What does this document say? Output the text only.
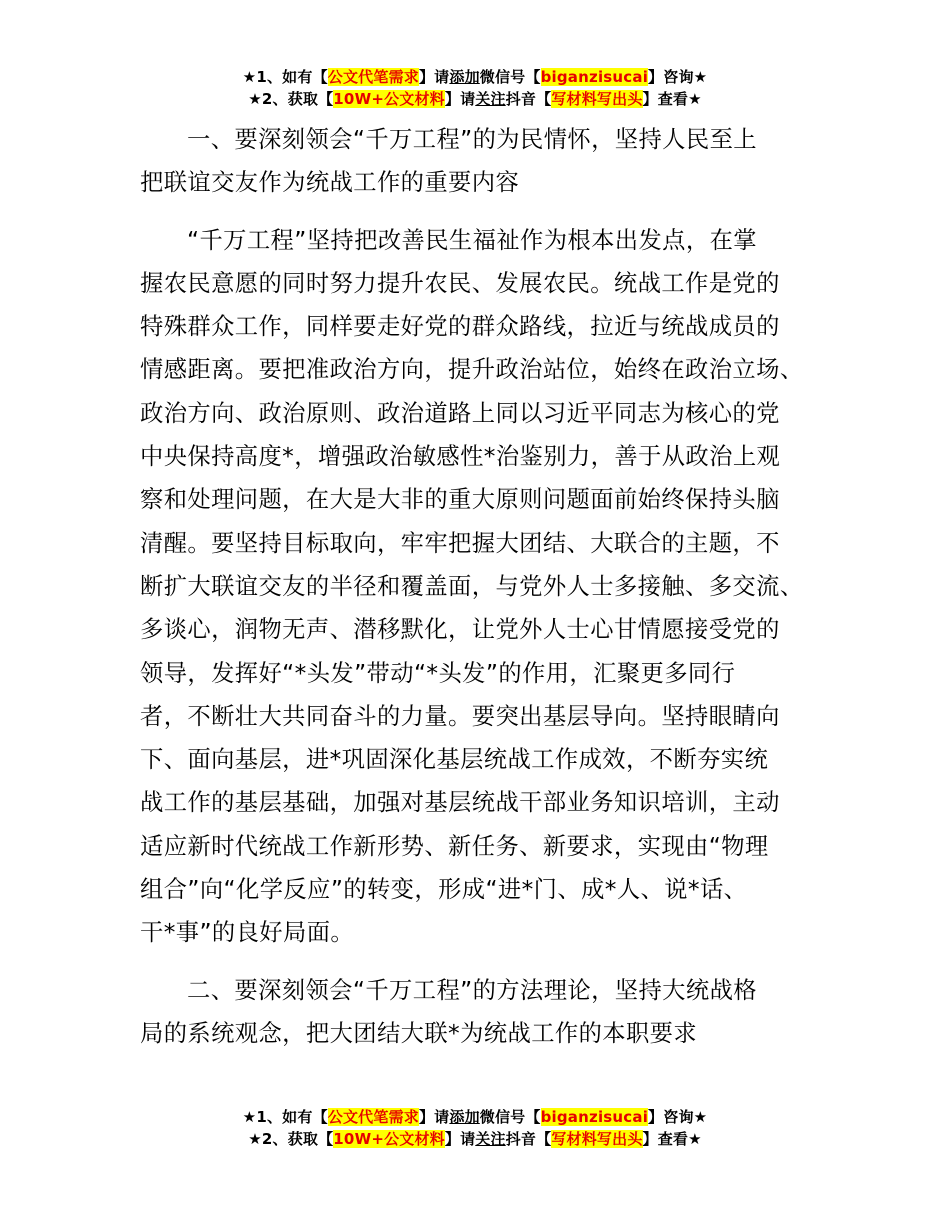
★1、如有【公文代笔需求】请添加微信号【biganzisucai】咨询★
★2、获取【10W+公文材料】请关注抖音【写材料写出头】查看★

一、要深刻领会“千万工程”的为民情怀，坚持人民至上
把联谊交友作为统战工作的重要内容

“千万工程”坚持把改善民生福祉作为根本出发点，在掌
握农民意愿的同时努力提升农民、发展农民。统战工作是党的
特殊群众工作，同样要走好党的群众路线，拉近与统战成员的
情感距离。要把准政治方向，提升政治站位，始终在政治立场、
政治方向、政治原则、政治道路上同以习近平同志为核心的党
中央保持高度*，增强政治敏感性*治鉴别力，善于从政治上观
察和处理问题，在大是大非的重大原则问题面前始终保持头脑
清醒。要坚持目标取向，牢牢把握大团结、大联合的主题，不
断扩大联谊交友的半径和覆盖面，与党外人士多接触、多交流、
多谈心，润物无声、潜移默化，让党外人士心甘情愿接受党的
领导，发挥好“*头发”带动“*头发”的作用，汇聚更多同行
者，不断壮大共同奋斗的力量。要突出基层导向。坚持眼睛向
下、面向基层，进*巩固深化基层统战工作成效，不断夯实统
战工作的基层基础，加强对基层统战干部业务知识培训，主动
适应新时代统战工作新形势、新任务、新要求，实现由“物理
组合”向“化学反应”的转变，形成“进*门、成*人、说*话、
干*事”的良好局面。

二、要深刻领会“千万工程”的方法理论，坚持大统战格
局的系统观念，把大团结大联*为统战工作的本职要求

★1、如有【公文代笔需求】请添加微信号【biganzisucai】咨询★
★2、获取【10W+公文材料】请关注抖音【写材料写出头】查看★
